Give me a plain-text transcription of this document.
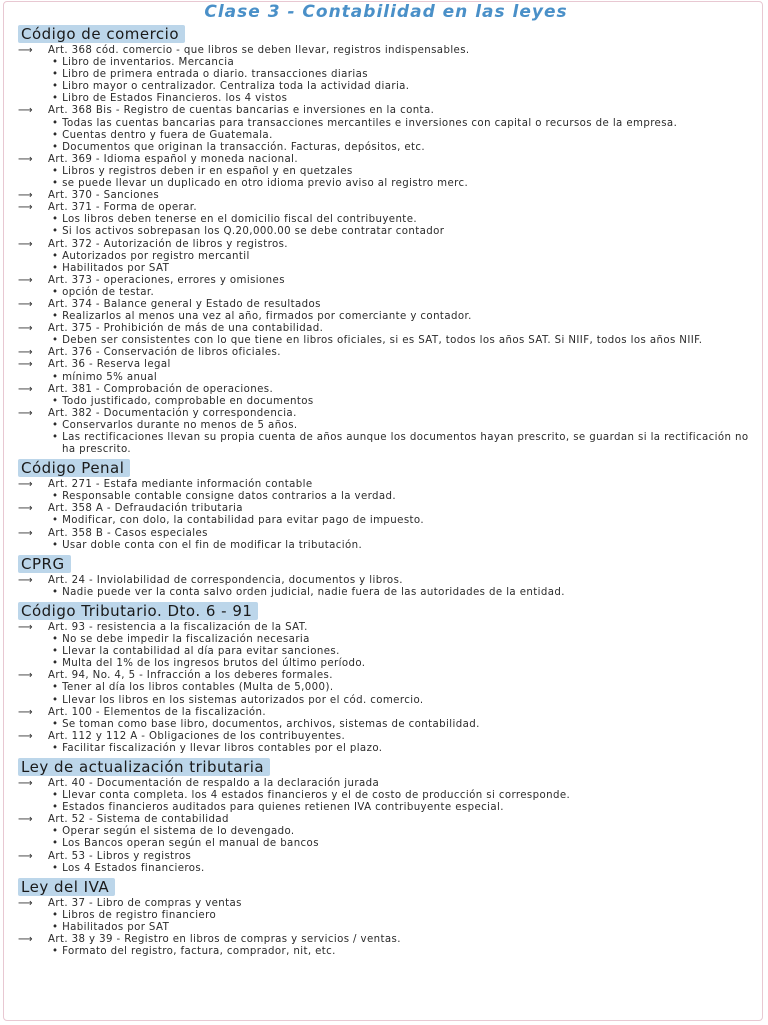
Clase 3 - Contabilidad en las leyes
Código de comercio
⟶ Art. 368 cód. comercio - que libros se deben llevar, registros indispensables.
• Libro de inventarios. Mercancia
• Libro de primera entrada o diario. transacciones diarias
• Libro mayor o centralizador. Centraliza toda la actividad diaria.
• Libro de Estados Financieros. los 4 vistos
⟶ Art. 368 Bis - Registro de cuentas bancarias e inversiones en la conta.
• Todas las cuentas bancarias para transacciones mercantiles e inversiones con capital o recursos de la empresa.
• Cuentas dentro y fuera de Guatemala.
• Documentos que originan la transacción. Facturas, depósitos, etc.
⟶ Art. 369 - Idioma español y moneda nacional.
• Libros y registros deben ir en español y en quetzales
• se puede llevar un duplicado en otro idioma previo aviso al registro merc.
⟶ Art. 370 - Sanciones
⟶ Art. 371 - Forma de operar.
• Los libros deben tenerse en el domicilio fiscal del contribuyente.
• Si los activos sobrepasan los Q.20,000.00 se debe contratar contador
⟶ Art. 372 - Autorización de libros y registros.
• Autorizados por registro mercantil
• Habilitados por SAT
⟶ Art. 373 - operaciones, errores y omisiones
• opción de testar.
⟶ Art. 374 - Balance general y Estado de resultados
• Realizarlos al menos una vez al año, firmados por comerciante y contador.
⟶ Art. 375 - Prohibición de más de una contabilidad.
• Deben ser consistentes con lo que tiene en libros oficiales, si es SAT, todos los años SAT. Si NIIF, todos los años NIIF.
⟶ Art. 376 - Conservación de libros oficiales.
⟶ Art. 36 - Reserva legal
• mínimo 5% anual
⟶ Art. 381 - Comprobación de operaciones.
• Todo justificado, comprobable en documentos
⟶ Art. 382 - Documentación y correspondencia.
• Conservarlos durante no menos de 5 años.
• Las rectificaciones llevan su propia cuenta de años aunque los documentos hayan prescrito, se guardan si la rectificación no ha prescrito.
Código Penal
⟶ Art. 271 - Estafa mediante información contable
• Responsable contable consigne datos contrarios a la verdad.
⟶ Art. 358 A - Defraudación tributaria
• Modificar, con dolo, la contabilidad para evitar pago de impuesto.
⟶ Art. 358 B - Casos especiales
• Usar doble conta con el fin de modificar la tributación.
CPRG
⟶ Art. 24 - Inviolabilidad de correspondencia, documentos y libros.
• Nadie puede ver la conta salvo orden judicial, nadie fuera de las autoridades de la entidad.
Código Tributario. Dto. 6 - 91
⟶ Art. 93 - resistencia a la fiscalización de la SAT.
• No se debe impedir la fiscalización necesaria
• Llevar la contabilidad al día para evitar sanciones.
• Multa del 1% de los ingresos brutos del último período.
⟶ Art. 94, No. 4, 5 - Infracción a los deberes formales.
• Tener al día los libros contables (Multa de 5,000).
• Llevar los libros en los sistemas autorizados por el cód. comercio.
⟶ Art. 100 - Elementos de la fiscalización.
• Se toman como base libro, documentos, archivos, sistemas de contabilidad.
⟶ Art. 112 y 112 A - Obligaciones de los contribuyentes.
• Facilitar fiscalización y llevar libros contables por el plazo.
Ley de actualización tributaria
⟶ Art. 40 - Documentación de respaldo a la declaración jurada
• Llevar conta completa. los 4 estados financieros y el de costo de producción si corresponde.
• Estados financieros auditados para quienes retienen IVA contribuyente especial.
⟶ Art. 52 - Sistema de contabilidad
• Operar según el sistema de lo devengado.
• Los Bancos operan según el manual de bancos
⟶ Art. 53 - Libros y registros
• Los 4 Estados financieros.
Ley del IVA
⟶ Art. 37 - Libro de compras y ventas
• Libros de registro financiero
• Habilitados por SAT
⟶ Art. 38 y 39 - Registro en libros de compras y servicios / ventas.
• Formato del registro, factura, comprador, nit, etc.
